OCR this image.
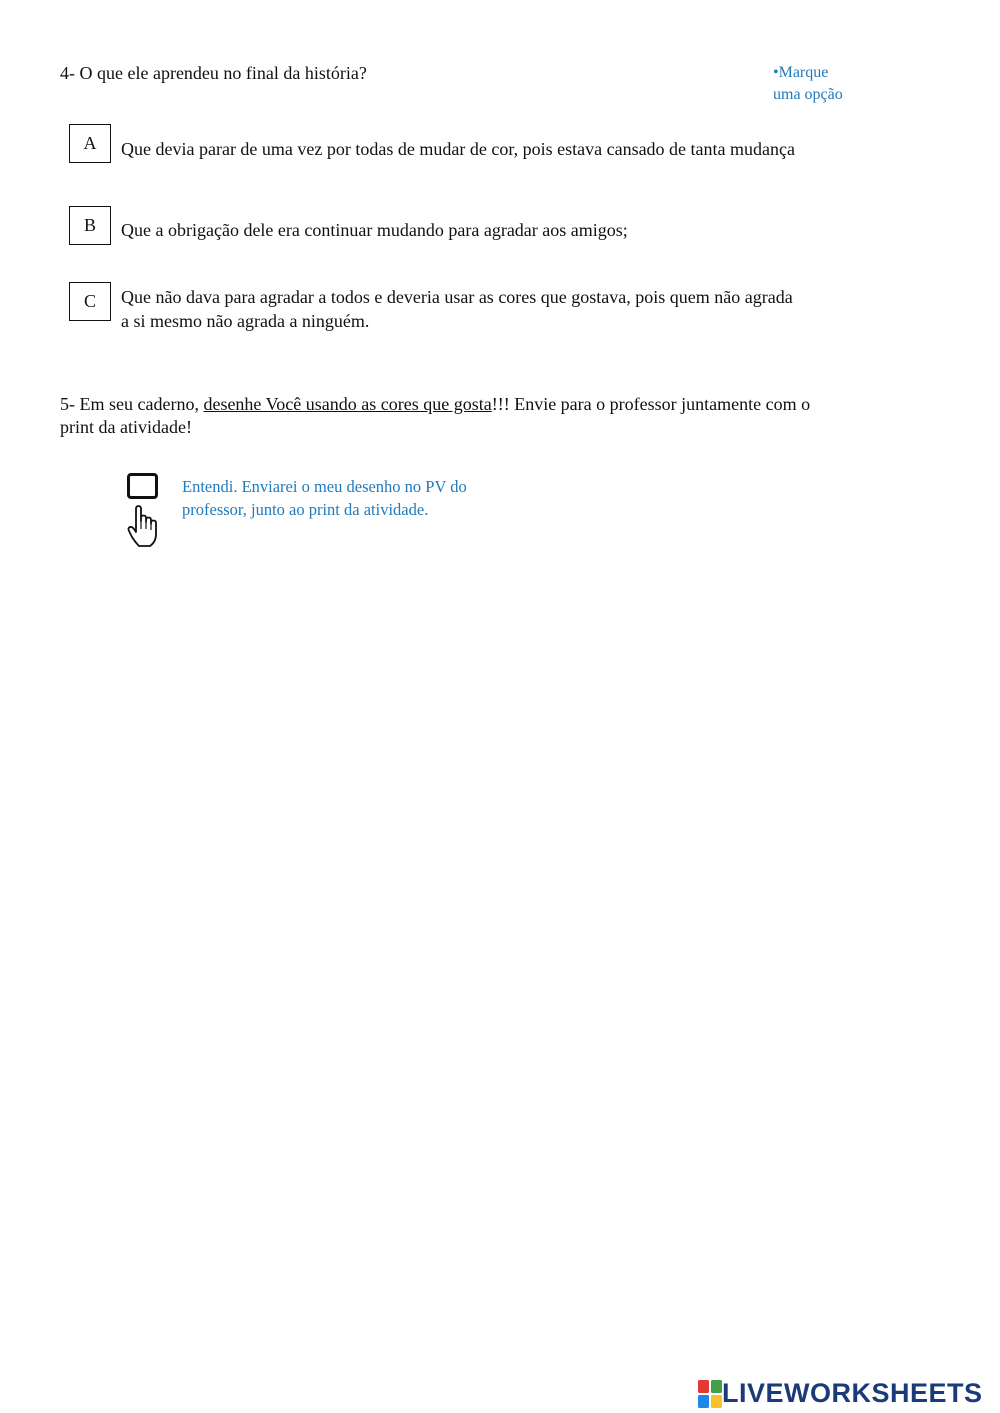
4- O que ele aprendeu no final da história?	•Marque
uma opção
A	Que devia parar de uma vez por todas de mudar de cor, pois estava cansado de tanta mudança
B	Que a obrigação dele era continuar mudando para agradar aos amigos;
C	Que não dava para agradar a todos e deveria usar as cores que gostava, pois quem não agrada
a si mesmo não agrada a ninguém.
5- Em seu caderno, desenhe Você usando as cores que gosta!!! Envie para o professor juntamente com o
print da atividade!
Entendi. Enviarei o meu desenho no PV do
professor, junto ao print da atividade.
LIVEWORKSHEETS
